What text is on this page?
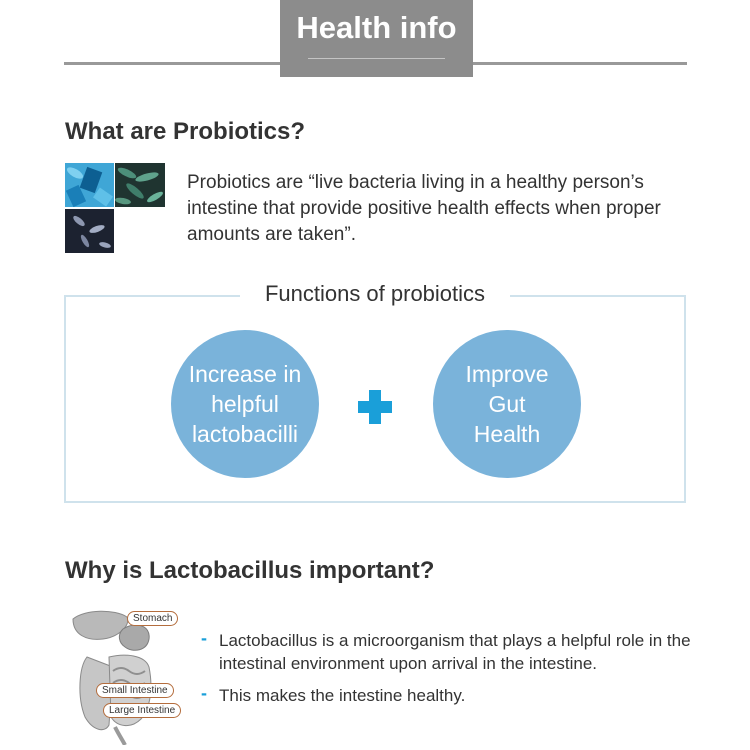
Health info
What are Probiotics?
Probiotics are “live bacteria living in a healthy person’s intestine that provide positive health effects when proper amounts are taken”.
Functions of probiotics
Increase in
helpful
lactobacilli
Improve
Gut
Health
Why is Lactobacillus important?
Stomach
Small Intestine
Large Intestine
- Lactobacillus is a microorganism that plays a helpful role in the intestinal environment upon arrival in the intestine.
- This makes the intestine healthy.
